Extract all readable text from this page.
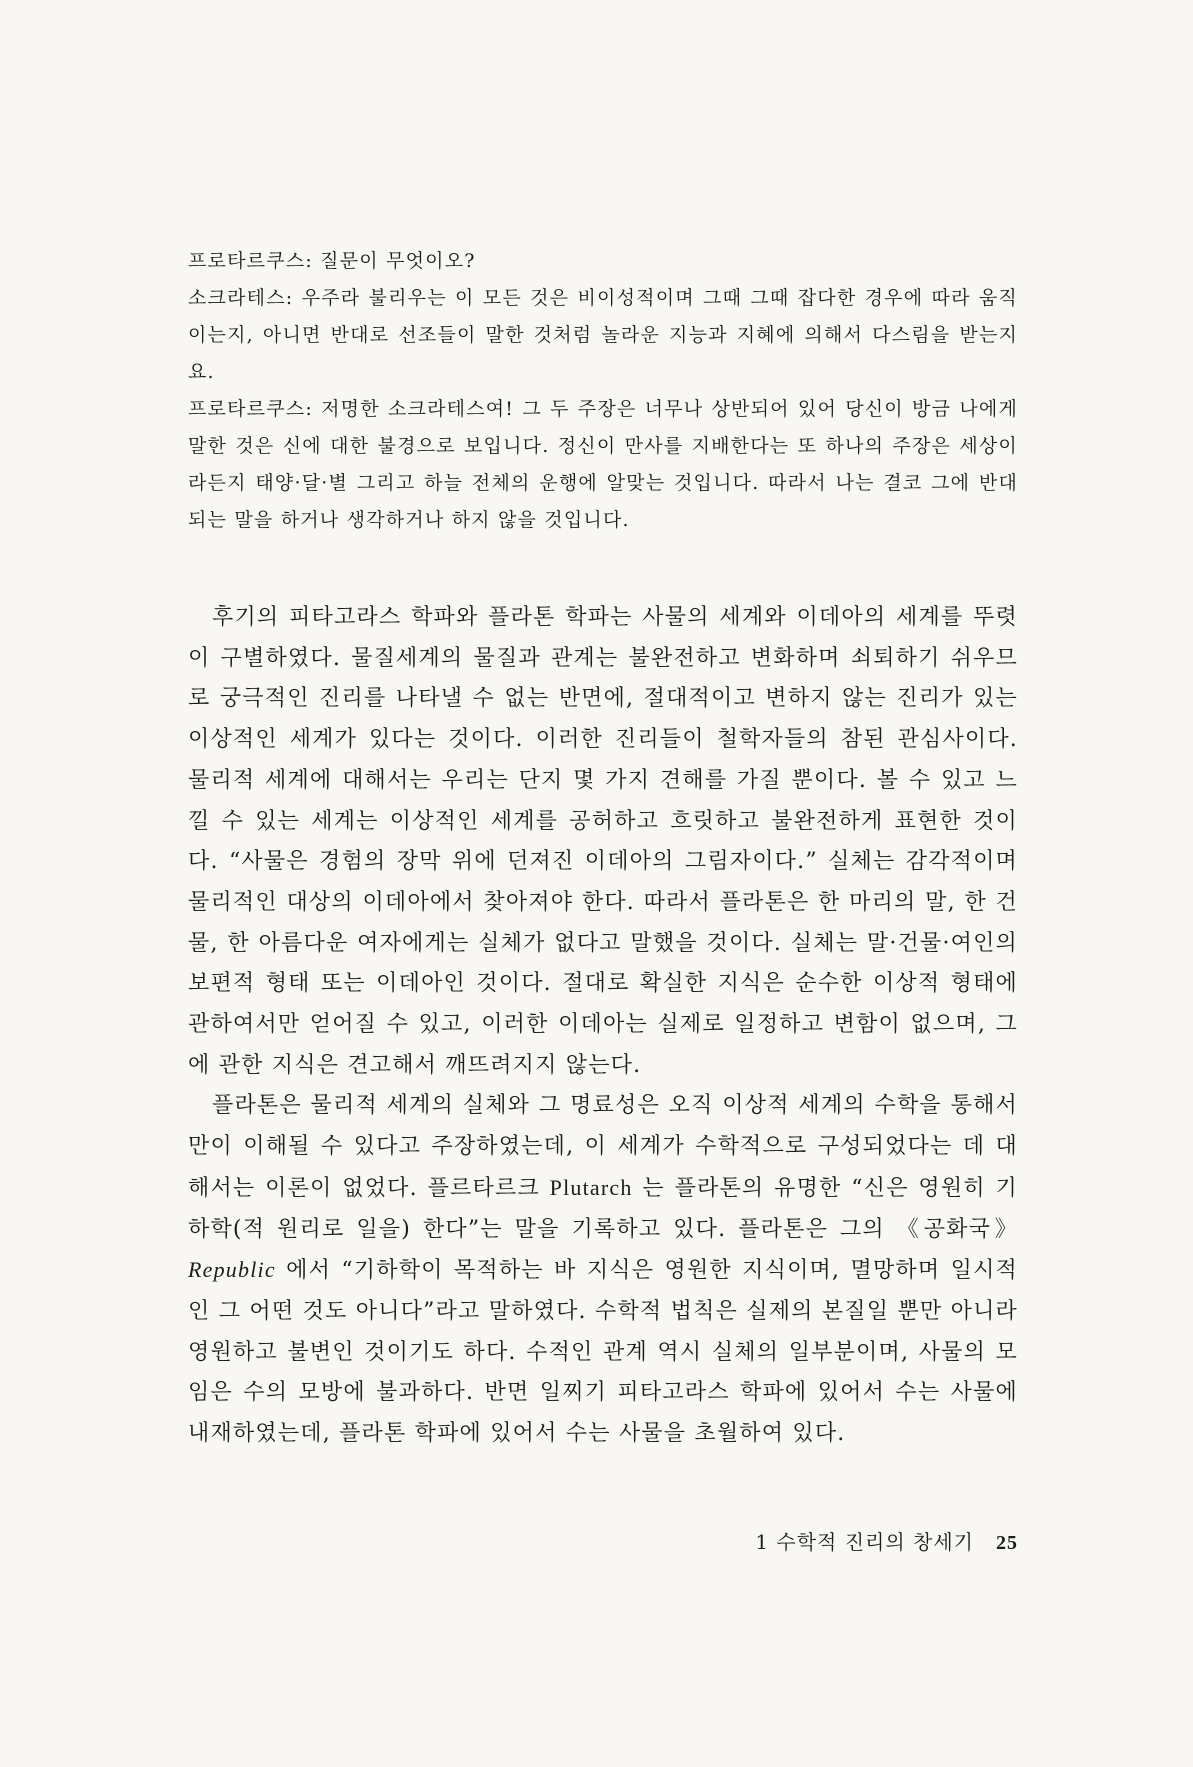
프로타르쿠스: 질문이 무엇이오?

소크라테스: 우주라 불리우는 이 모든 것은 비이성적이며 그때 그때 잡다한 경우에 따라 움직이는지, 아니면 반대로 선조들이 말한 것처럼 놀라운 지능과 지혜에 의해서 다스림을 받는지요.

프로타르쿠스: 저명한 소크라테스여! 그 두 주장은 너무나 상반되어 있어 당신이 방금 나에게 말한 것은 신에 대한 불경으로 보입니다. 정신이 만사를 지배한다는 또 하나의 주장은 세상이라든지 태양·달·별 그리고 하늘 전체의 운행에 알맞는 것입니다. 따라서 나는 결코 그에 반대되는 말을 하거나 생각하거나 하지 않을 것입니다.

후기의 피타고라스 학파와 플라톤 학파는 사물의 세계와 이데아의 세계를 뚜렷이 구별하였다. 물질세계의 물질과 관계는 불완전하고 변화하며 쇠퇴하기 쉬우므로 궁극적인 진리를 나타낼 수 없는 반면에, 절대적이고 변하지 않는 진리가 있는 이상적인 세계가 있다는 것이다. 이러한 진리들이 철학자들의 참된 관심사이다. 물리적 세계에 대해서는 우리는 단지 몇 가지 견해를 가질 뿐이다. 볼 수 있고 느낄 수 있는 세계는 이상적인 세계를 공허하고 흐릿하고 불완전하게 표현한 것이다. “사물은 경험의 장막 위에 던져진 이데아의 그림자이다.” 실체는 감각적이며 물리적인 대상의 이데아에서 찾아져야 한다. 따라서 플라톤은 한 마리의 말, 한 건물, 한 아름다운 여자에게는 실체가 없다고 말했을 것이다. 실체는 말·건물·여인의 보편적 형태 또는 이데아인 것이다. 절대로 확실한 지식은 순수한 이상적 형태에 관하여서만 얻어질 수 있고, 이러한 이데아는 실제로 일정하고 변함이 없으며, 그에 관한 지식은 견고해서 깨뜨려지지 않는다.

플라톤은 물리적 세계의 실체와 그 명료성은 오직 이상적 세계의 수학을 통해서만이 이해될 수 있다고 주장하였는데, 이 세계가 수학적으로 구성되었다는 데 대해서는 이론이 없었다. 플르타르크 Plutarch 는 플라톤의 유명한 “신은 영원히 기하학(적 원리로 일을) 한다”는 말을 기록하고 있다. 플라톤은 그의 《공화국》 Republic 에서 “기하학이 목적하는 바 지식은 영원한 지식이며, 멸망하며 일시적인 그 어떤 것도 아니다”라고 말하였다. 수학적 법칙은 실제의 본질일 뿐만 아니라 영원하고 불변인 것이기도 하다. 수적인 관계 역시 실체의 일부분이며, 사물의 모임은 수의 모방에 불과하다. 반면 일찌기 피타고라스 학파에 있어서 수는 사물에 내재하였는데, 플라톤 학파에 있어서 수는 사물을 초월하여 있다.

1 수학적 진리의 창세기 25
